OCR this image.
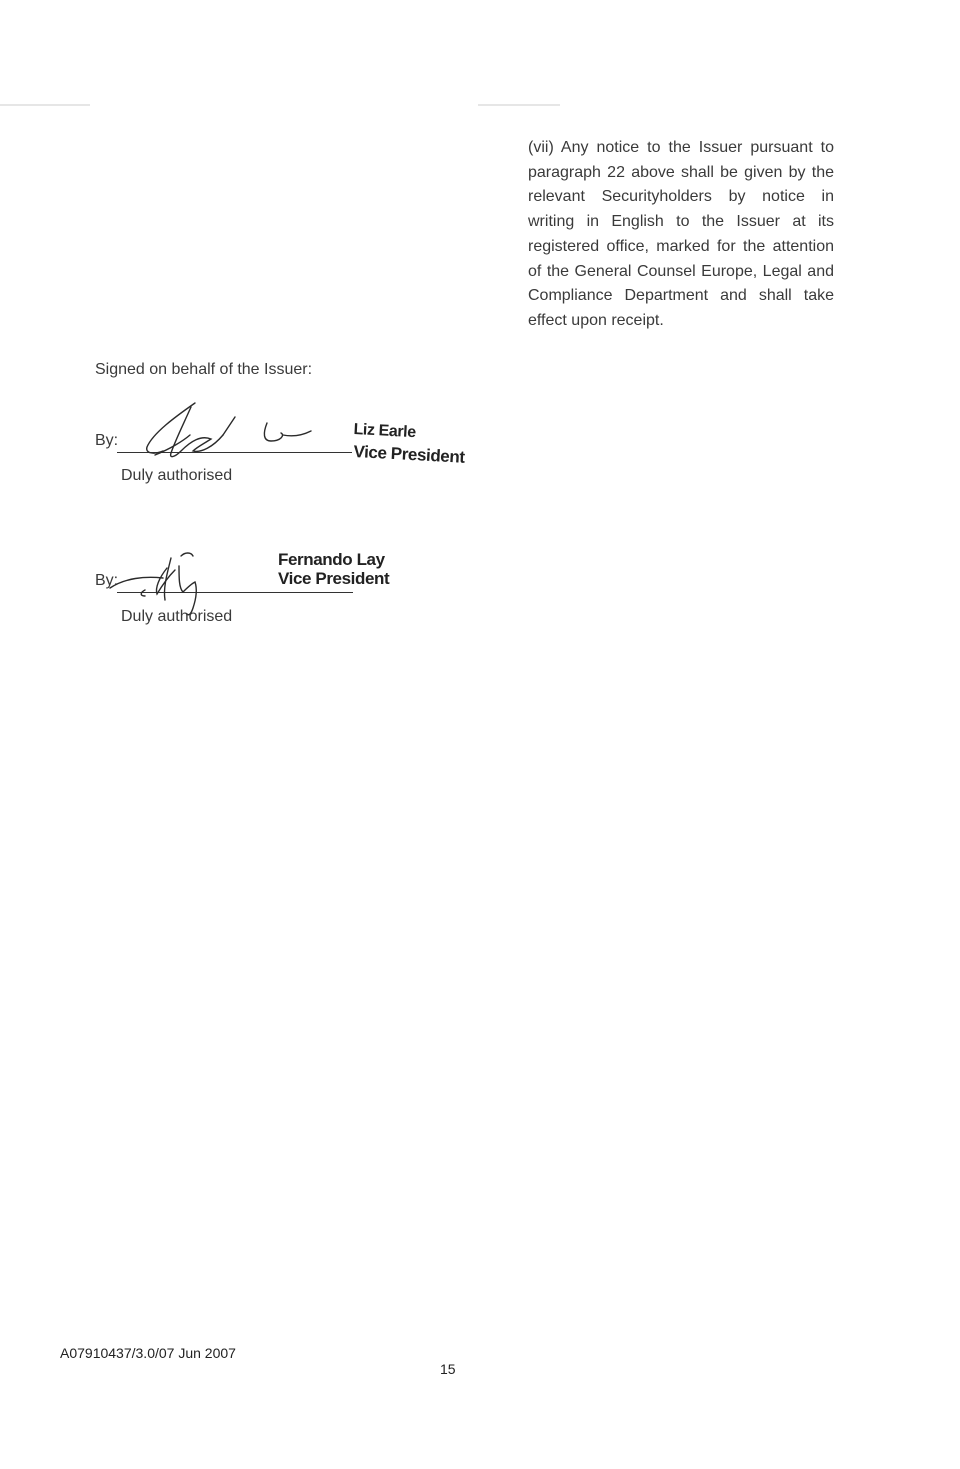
(vii) Any notice to the Issuer pursuant to paragraph 22 above shall be given by the relevant Securityholders by notice in writing in English to the Issuer at its registered office, marked for the attention of the General Counsel Europe, Legal and Compliance Department and shall take effect upon receipt.
Signed on behalf of the Issuer:
By:	Liz Earle
Vice President
Duly authorised
By:
Fernando Lay
Vice President
Duly authorised
A07910437/3.0/07 Jun 2007
15
